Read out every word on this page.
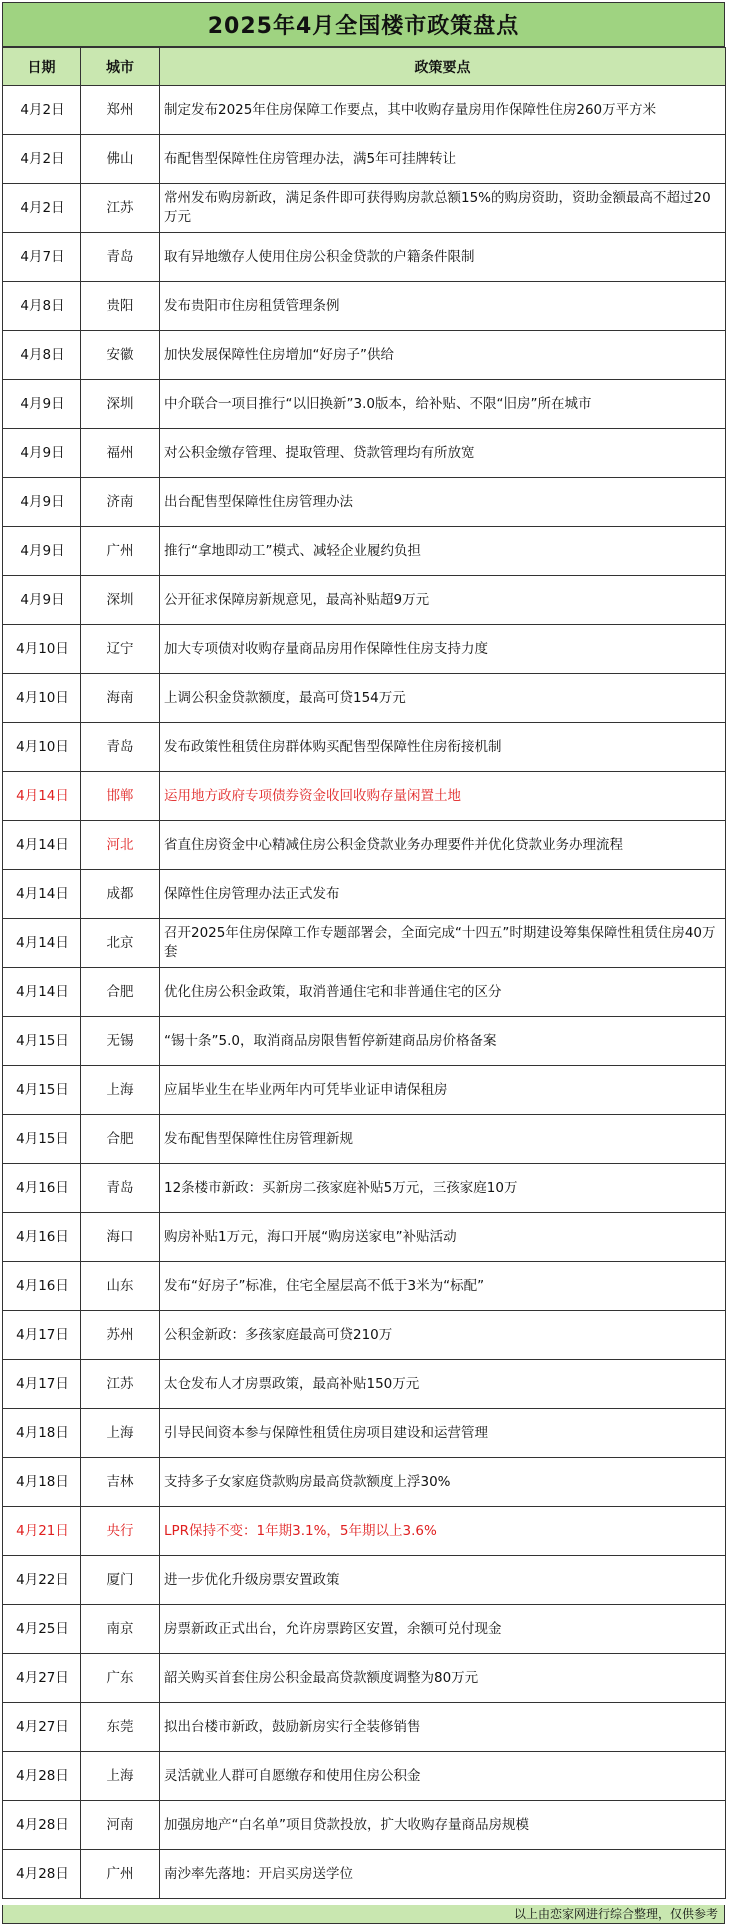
2025年4月全国楼市政策盘点
日期	城市	政策要点
4月2日	郑州	制定发布2025年住房保障工作要点，其中收购存量房用作保障性住房260万平方米
4月2日	佛山	布配售型保障性住房管理办法，满5年可挂牌转让
4月2日	江苏	常州发布购房新政，满足条件即可获得购房款总额15%的购房资助，资助金额最高不超过20万元
4月7日	青岛	取有异地缴存人使用住房公积金贷款的户籍条件限制
4月8日	贵阳	发布贵阳市住房租赁管理条例
4月8日	安徽	加快发展保障性住房增加“好房子”供给
4月9日	深圳	中介联合一项目推行“以旧换新”3.0版本，给补贴、不限“旧房”所在城市
4月9日	福州	对公积金缴存管理、提取管理、贷款管理均有所放宽
4月9日	济南	出台配售型保障性住房管理办法
4月9日	广州	推行“拿地即动工”模式、减轻企业履约负担
4月9日	深圳	公开征求保障房新规意见，最高补贴超9万元
4月10日	辽宁	加大专项债对收购存量商品房用作保障性住房支持力度
4月10日	海南	上调公积金贷款额度，最高可贷154万元
4月10日	青岛	发布政策性租赁住房群体购买配售型保障性住房衔接机制
4月14日	邯郸	运用地方政府专项债券资金收回收购存量闲置土地
4月14日	河北	省直住房资金中心精减住房公积金贷款业务办理要件并优化贷款业务办理流程
4月14日	成都	保障性住房管理办法正式发布
4月14日	北京	召开2025年住房保障工作专题部署会，全面完成“十四五”时期建设筹集保障性租赁住房40万套
4月14日	合肥	优化住房公积金政策，取消普通住宅和非普通住宅的区分
4月15日	无锡	“锡十条”5.0，取消商品房限售暂停新建商品房价格备案
4月15日	上海	应届毕业生在毕业两年内可凭毕业证申请保租房
4月15日	合肥	发布配售型保障性住房管理新规
4月16日	青岛	12条楼市新政：买新房二孩家庭补贴5万元，三孩家庭10万
4月16日	海口	购房补贴1万元，海口开展“购房送家电”补贴活动
4月16日	山东	发布“好房子”标准，住宅全屋层高不低于3米为“标配”
4月17日	苏州	公积金新政：多孩家庭最高可贷210万
4月17日	江苏	太仓发布人才房票政策，最高补贴150万元
4月18日	上海	引导民间资本参与保障性租赁住房项目建设和运营管理
4月18日	吉林	支持多子女家庭贷款购房最高贷款额度上浮30%
4月21日	央行	LPR保持不变：1年期3.1%，5年期以上3.6%
4月22日	厦门	进一步优化升级房票安置政策
4月25日	南京	房票新政正式出台，允许房票跨区安置，余额可兑付现金
4月27日	广东	韶关购买首套住房公积金最高贷款额度调整为80万元
4月27日	东莞	拟出台楼市新政，鼓励新房实行全装修销售
4月28日	上海	灵活就业人群可自愿缴存和使用住房公积金
4月28日	河南	加强房地产“白名单”项目贷款投放，扩大收购存量商品房规模
4月28日	广州	南沙率先落地：开启买房送学位
以上由恋家网进行综合整理，仅供参考
